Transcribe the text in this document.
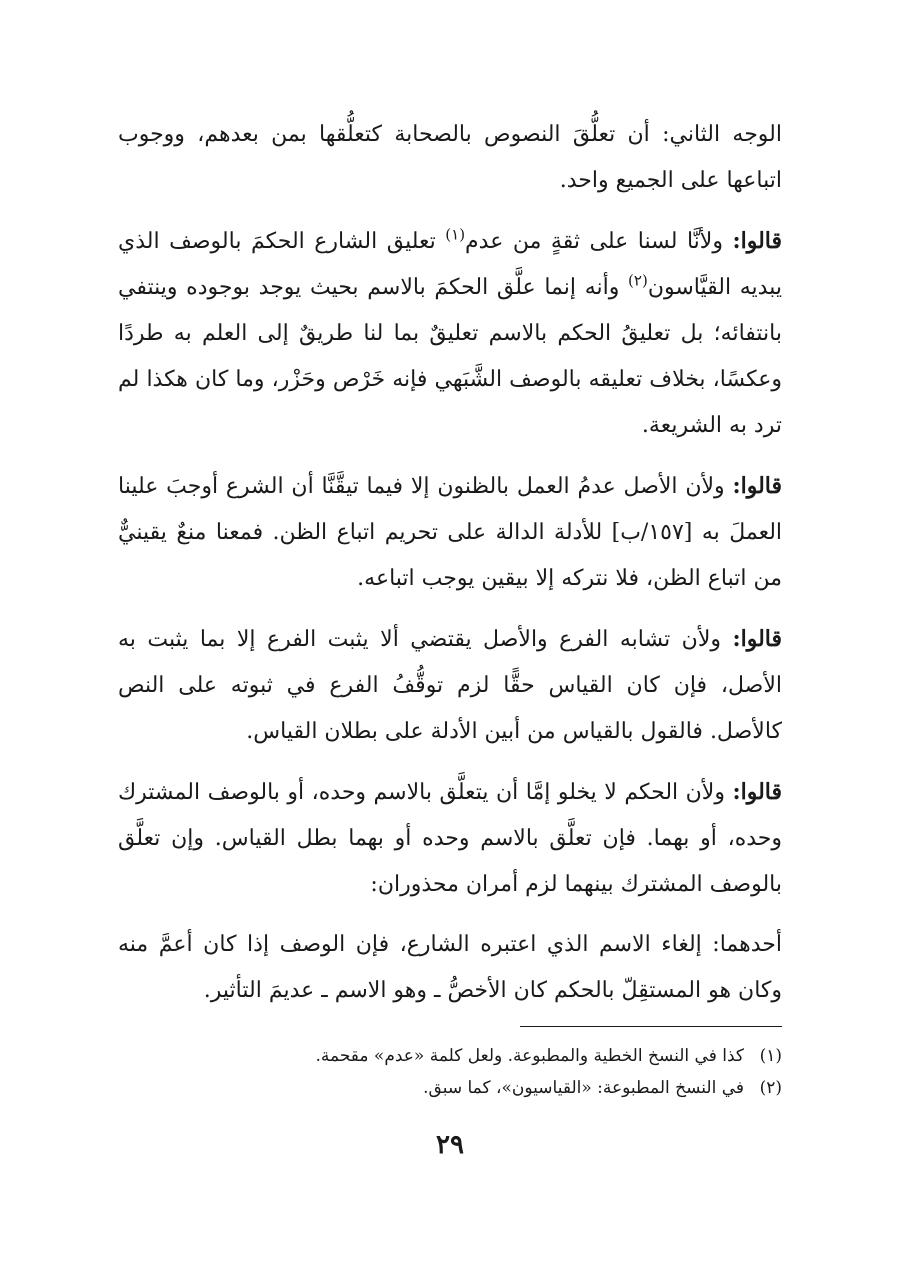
الوجه الثاني: أن تعلُّقَ النصوص بالصحابة كتعلُّقها بمن بعدهم، ووجوب اتباعها على الجميع واحد.

قالوا: ولأنَّا لسنا على ثقةٍ من عدم$^{(١)}$ تعليق الشارع الحكمَ بالوصف الذي يبديه القيَّاسون$^{(٢)}$ وأنه إنما علَّق الحكمَ بالاسم بحيث يوجد بوجوده وينتفي بانتفائه؛ بل تعليقُ الحكم بالاسم تعليقٌ بما لنا طريقٌ إلى العلم به طردًا وعكسًا، بخلاف تعليقه بالوصف الشَّبَهي فإنه خَرْص وحَزْر، وما كان هكذا لم ترد به الشريعة.

قالوا: ولأن الأصل عدمُ العمل بالظنون إلا فيما تيقَّنَّا أن الشرع أوجبَ علينا العملَ به [١٥٧/ب] للأدلة الدالة على تحريم اتباع الظن. فمعنا منعٌ يقينيٌّ من اتباع الظن، فلا نتركه إلا بيقين يوجب اتباعه.

قالوا: ولأن تشابه الفرع والأصل يقتضي ألا يثبت الفرع إلا بما يثبت به الأصل، فإن كان القياس حقًّا لزم توقُّفُ الفرع في ثبوته على النص كالأصل. فالقول بالقياس من أبين الأدلة على بطلان القياس.

قالوا: ولأن الحكم لا يخلو إمَّا أن يتعلَّق بالاسم وحده، أو بالوصف المشترك وحده، أو بهما. فإن تعلَّق بالاسم وحده أو بهما بطل القياس. وإن تعلَّق بالوصف المشترك بينهما لزم أمران محذوران:

أحدهما: إلغاء الاسم الذي اعتبره الشارع، فإن الوصف إذا كان أعمَّ منه وكان هو المستقِلّ بالحكم كان الأخصُّ ـ وهو الاسم ـ عديمَ التأثير.

(١)كذا في النسخ الخطية والمطبوعة. ولعل كلمة «عدم» مقحمة.

(٢)في النسخ المطبوعة: «القياسيون»، كما سبق.

٢٩
